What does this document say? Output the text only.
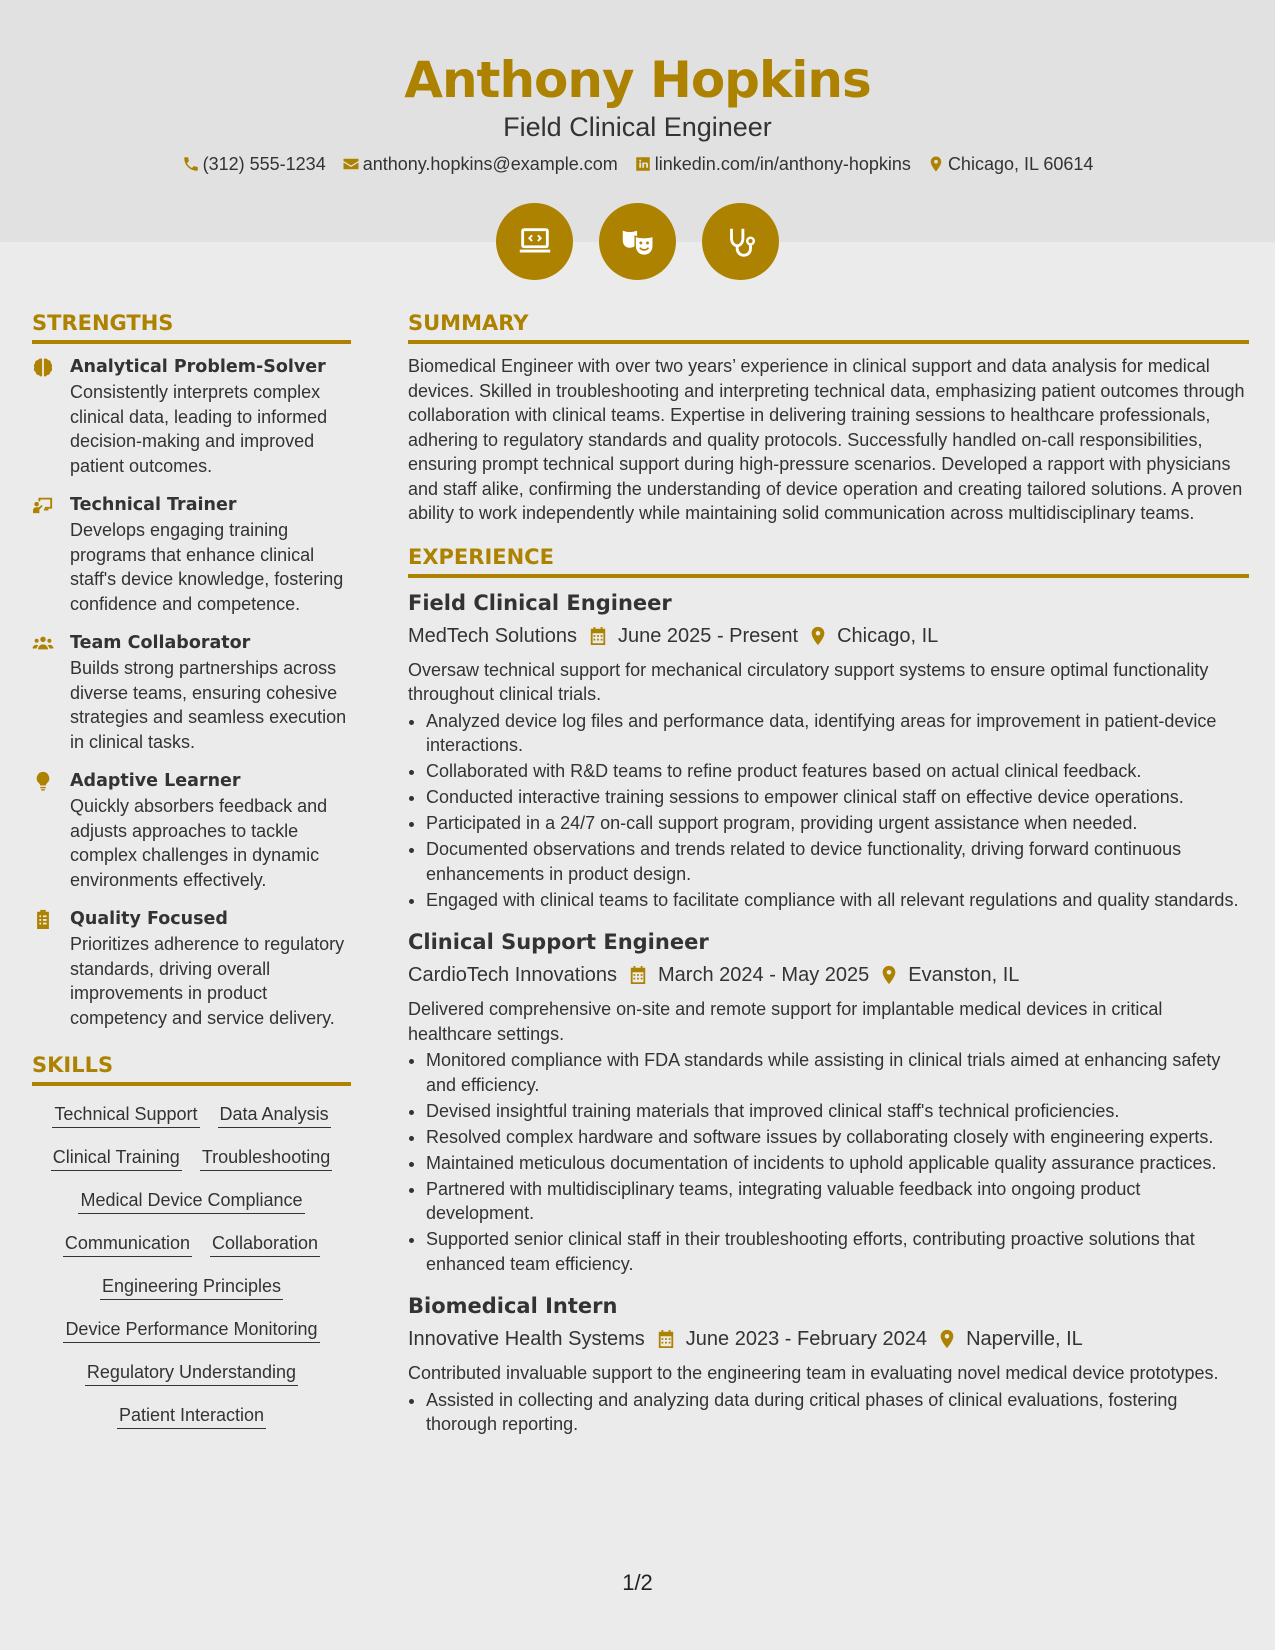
Anthony Hopkins
Field Clinical Engineer
(312) 555-1234 anthony.hopkins@example.com linkedin.com/in/anthony-hopkins Chicago, IL 60614
STRENGTHS
Analytical Problem-Solver
Consistently interprets complex clinical data, leading to informed decision-making and improved patient outcomes.
Technical Trainer
Develops engaging training programs that enhance clinical staff's device knowledge, fostering confidence and competence.
Team Collaborator
Builds strong partnerships across diverse teams, ensuring cohesive strategies and seamless execution in clinical tasks.
Adaptive Learner
Quickly absorbers feedback and adjusts approaches to tackle complex challenges in dynamic environments effectively.
Quality Focused
Prioritizes adherence to regulatory standards, driving overall improvements in product competency and service delivery.
SKILLS
Technical Support Data Analysis
Clinical Training Troubleshooting
Medical Device Compliance
Communication Collaboration
Engineering Principles
Device Performance Monitoring
Regulatory Understanding
Patient Interaction
SUMMARY

Biomedical Engineer with over two years’ experience in clinical support and data analysis for medical devices. Skilled in troubleshooting and interpreting technical data, emphasizing patient outcomes through collaboration with clinical teams. Expertise in delivering training sessions to healthcare professionals, adhering to regulatory standards and quality protocols. Successfully handled on-call responsibilities, ensuring prompt technical support during high-pressure scenarios. Developed a rapport with physicians and staff alike, confirming the understanding of device operation and creating tailored solutions. A proven ability to work independently while maintaining solid communication across multidisciplinary teams.

EXPERIENCE
Field Clinical Engineer
MedTech Solutions June 2025 - Present Chicago, IL
Oversaw technical support for mechanical circulatory support systems to ensure optimal functionality throughout clinical trials.
• Analyzed device log files and performance data, identifying areas for improvement in patient-device interactions.
• Collaborated with R&D teams to refine product features based on actual clinical feedback.
• Conducted interactive training sessions to empower clinical staff on effective device operations.
• Participated in a 24/7 on-call support program, providing urgent assistance when needed.
• Documented observations and trends related to device functionality, driving forward continuous enhancements in product design.
• Engaged with clinical teams to facilitate compliance with all relevant regulations and quality standards.
Clinical Support Engineer
CardioTech Innovations March 2024 - May 2025 Evanston, IL
Delivered comprehensive on-site and remote support for implantable medical devices in critical healthcare settings.
• Monitored compliance with FDA standards while assisting in clinical trials aimed at enhancing safety and efficiency.
• Devised insightful training materials that improved clinical staff's technical proficiencies.
• Resolved complex hardware and software issues by collaborating closely with engineering experts.
• Maintained meticulous documentation of incidents to uphold applicable quality assurance practices.
• Partnered with multidisciplinary teams, integrating valuable feedback into ongoing product development.
• Supported senior clinical staff in their troubleshooting efforts, contributing proactive solutions that enhanced team efficiency.
Biomedical Intern
Innovative Health Systems June 2023 - February 2024 Naperville, IL
Contributed invaluable support to the engineering team in evaluating novel medical device prototypes.
• Assisted in collecting and analyzing data during critical phases of clinical evaluations, fostering thorough reporting.
1/2
